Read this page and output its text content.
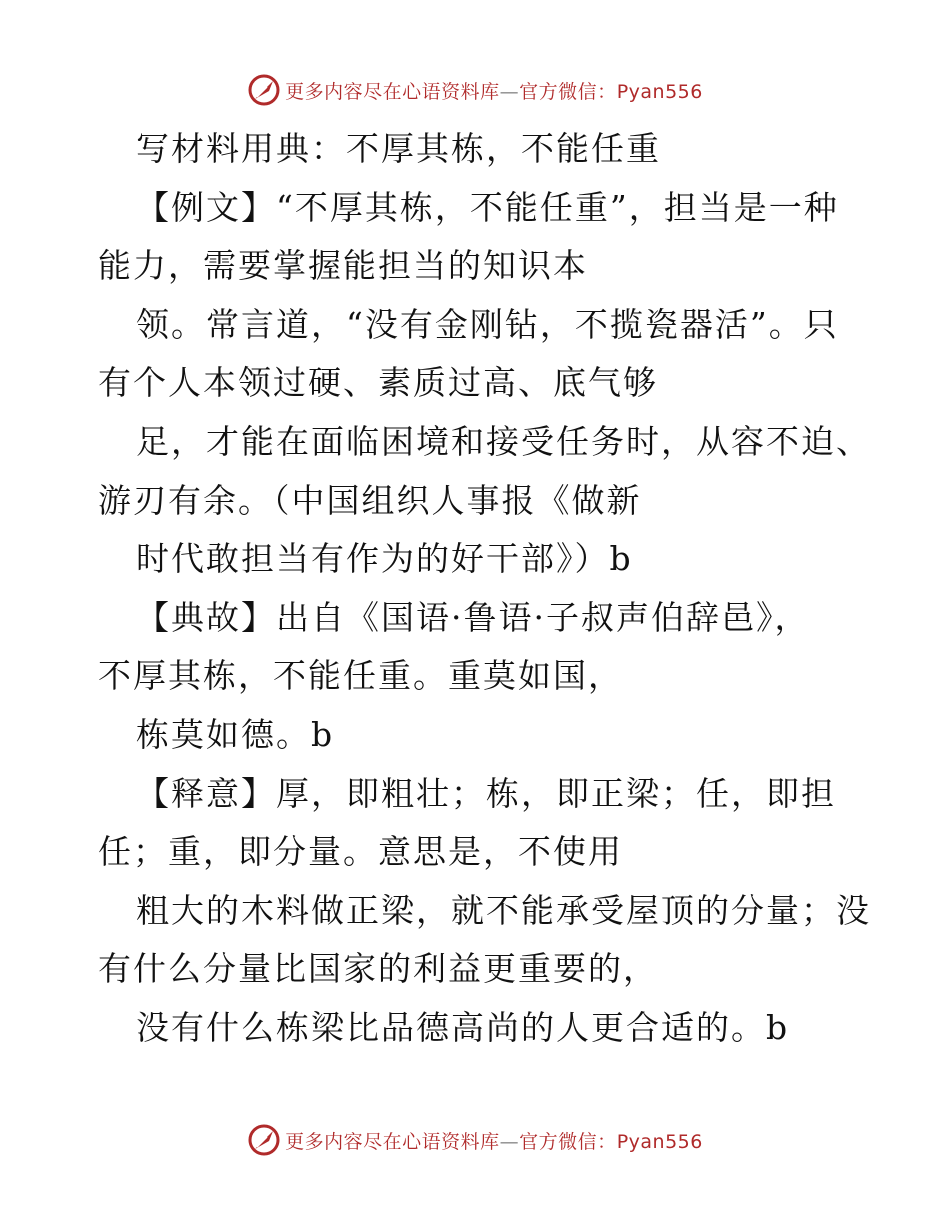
更多内容尽在心语资料库—官方微信：Pyan556
写材料用典：不厚其栋，不能任重
【例文】“不厚其栋，不能任重”，担当是一种
能力，需要掌握能担当的知识本
领。常言道，“没有金刚钻，不揽瓷器活”。只
有个人本领过硬、素质过高、底气够
足，才能在面临困境和接受任务时，从容不迫、
游刃有余。（中国组织人事报《做新
时代敢担当有作为的好干部》）b
【典故】出自《国语·鲁语·子叔声伯辞邑》，
不厚其栋，不能任重。重莫如国，
栋莫如德。b
【释意】厚，即粗壮；栋，即正梁；任，即担
任；重，即分量。意思是，不使用
粗大的木料做正梁，就不能承受屋顶的分量；没
有什么分量比国家的利益更重要的，
没有什么栋梁比品德高尚的人更合适的。b
更多内容尽在心语资料库—官方微信：Pyan556
